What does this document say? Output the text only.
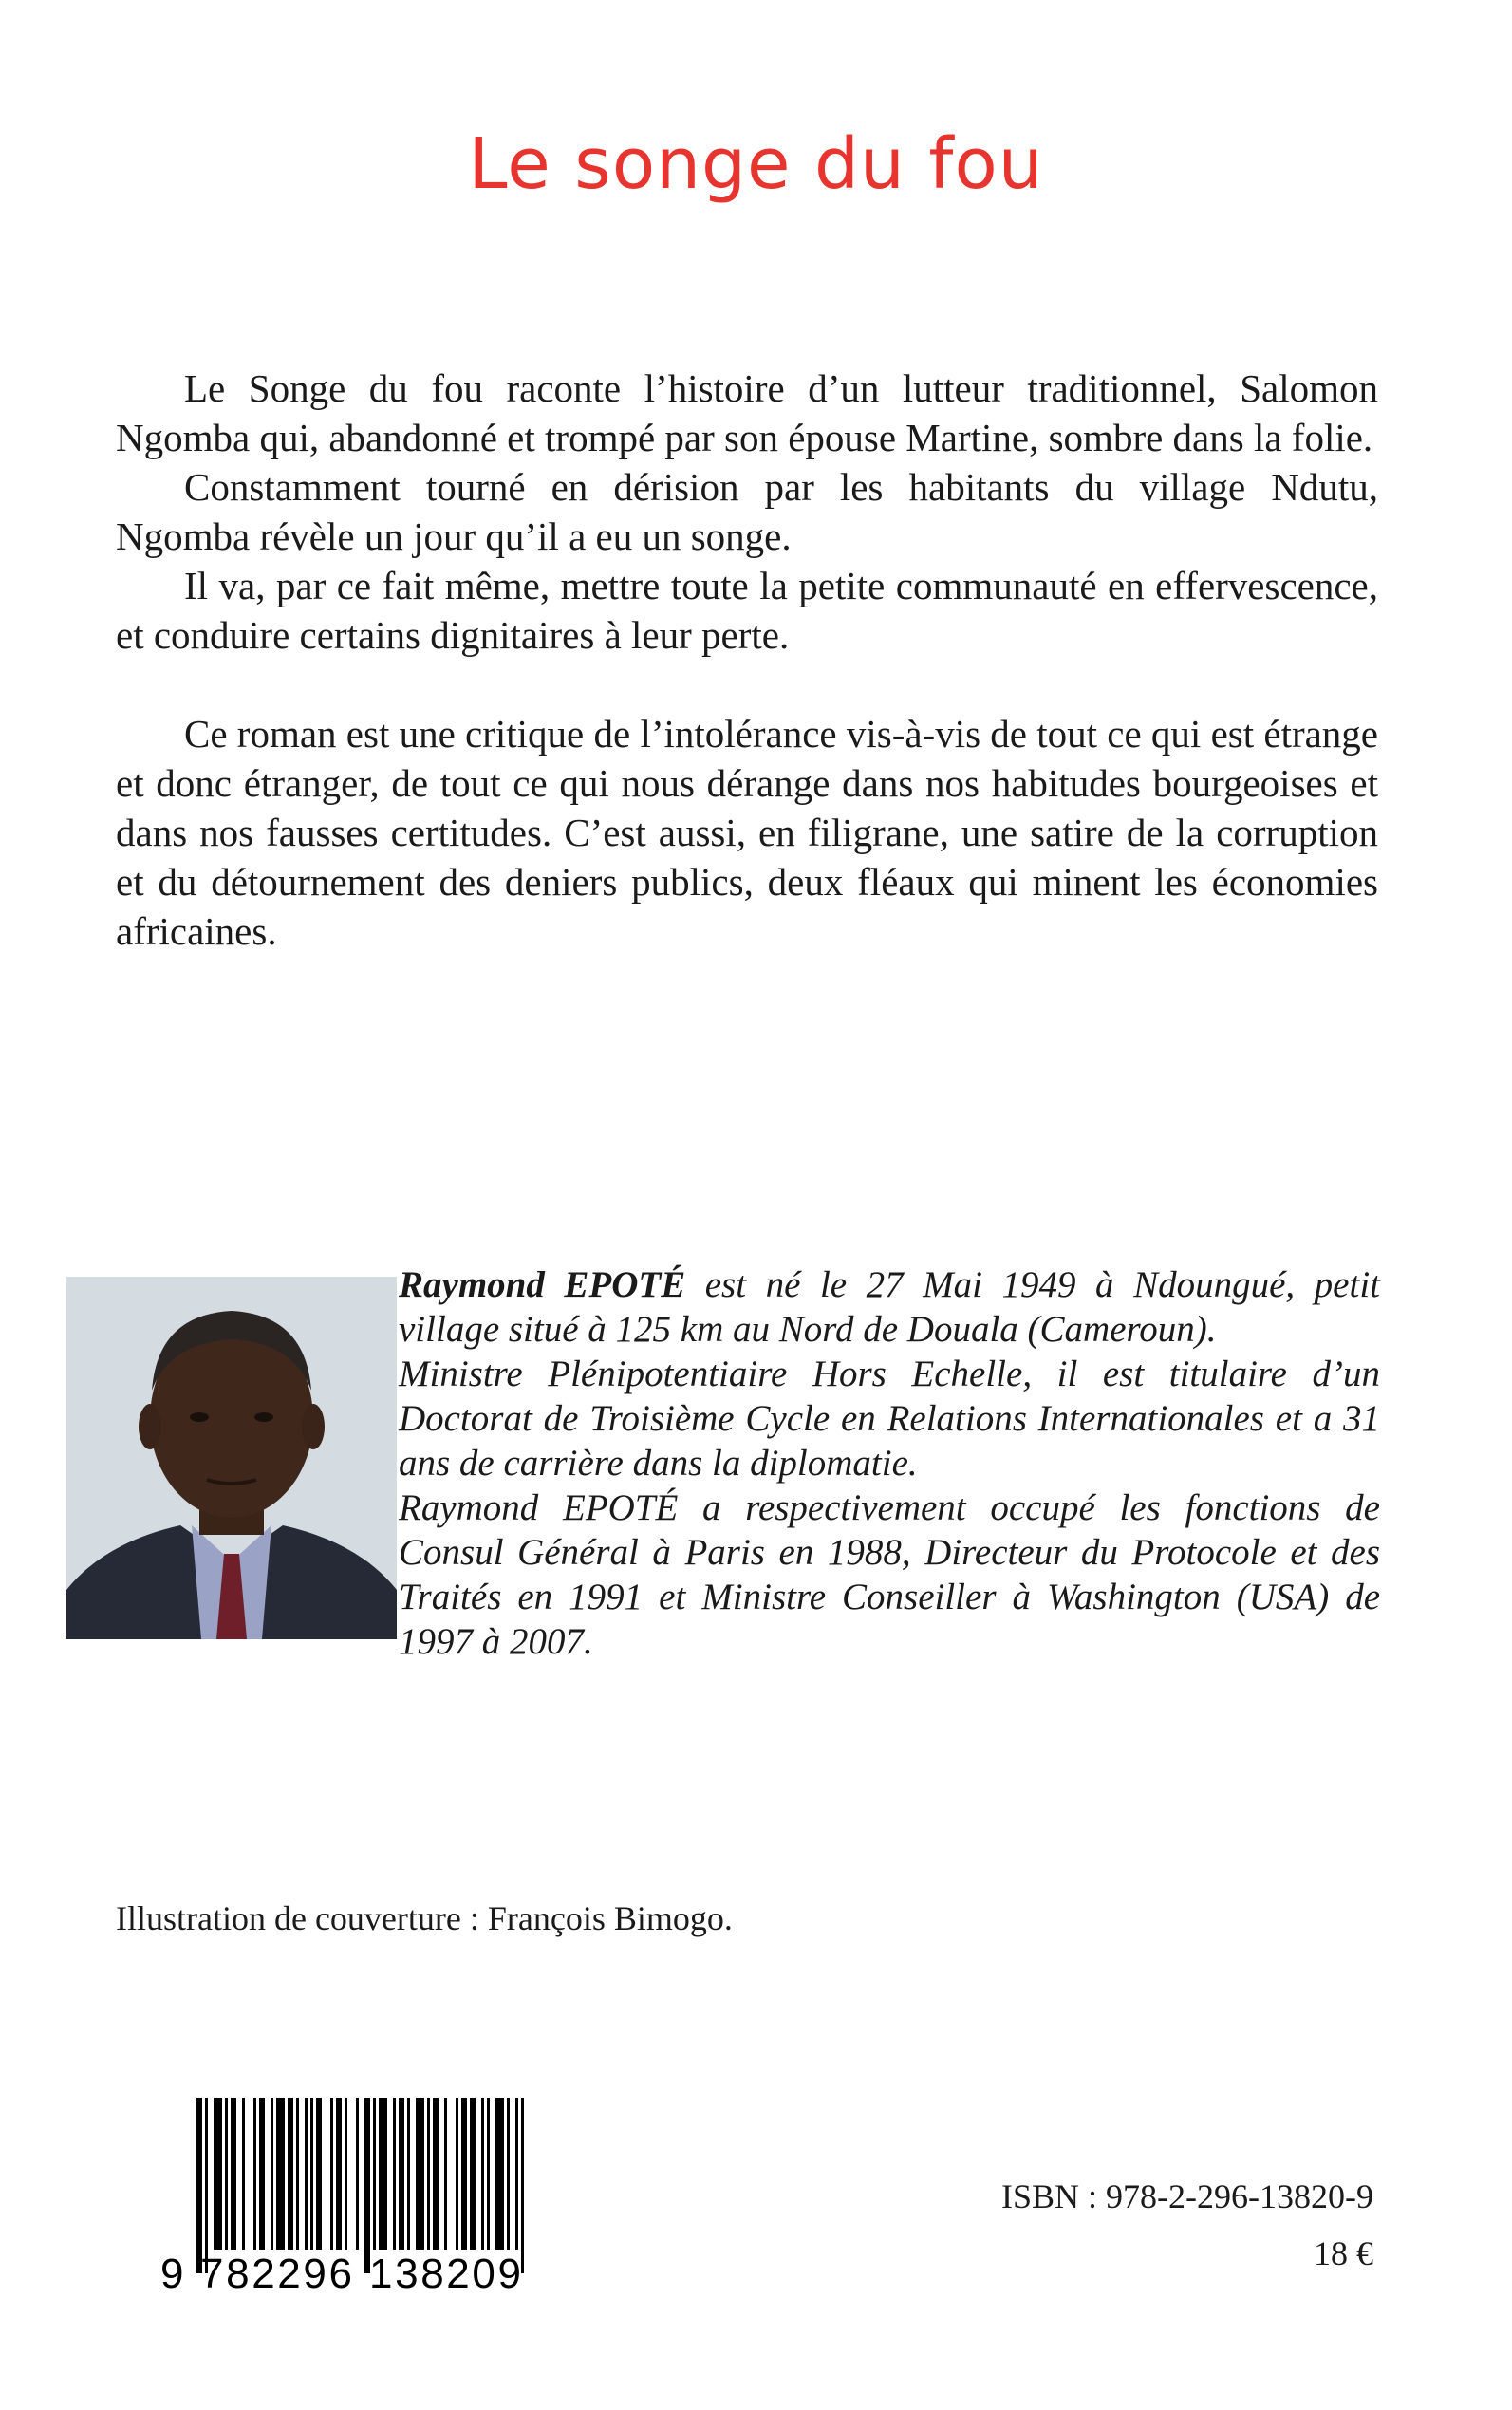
Le songe du fou

Le Songe du fou raconte l’histoire d’un lutteur traditionnel, Salomon Ngomba qui, abandonné et trompé par son épouse Martine, sombre dans la folie.

Constamment tourné en dérision par les habitants du village Ndutu, Ngomba révèle un jour qu’il a eu un songe.

Il va, par ce fait même, mettre toute la petite communauté en effervescence, et conduire certains dignitaires à leur perte.

Ce roman est une critique de l’intolérance vis-à-vis de tout ce qui est étrange et donc étranger, de tout ce qui nous dérange dans nos habitudes bourgeoises et dans nos fausses certitudes. C’est aussi, en filigrane, une satire de la corruption et du détournement des deniers publics, deux fléaux qui minent les économies africaines.

Raymond EPOTÉ est né le 27 Mai 1949 à Ndoungué, petit village situé à 125 km au Nord de Douala (Cameroun).

Ministre Plénipotentiaire Hors Echelle, il est titulaire d’un Doctorat de Troisième Cycle en Relations Internationales et a 31 ans de carrière dans la diplomatie.

Raymond EPOTÉ a respectivement occupé les fonctions de Consul Général à Paris en 1988, Directeur du Protocole et des Traités en 1991 et Ministre Conseiller à Washington (USA) de 1997 à 2007.

Illustration de couverture : François Bimogo.
9 782296 138209
ISBN : 978-2-296-13820-9
18 €
